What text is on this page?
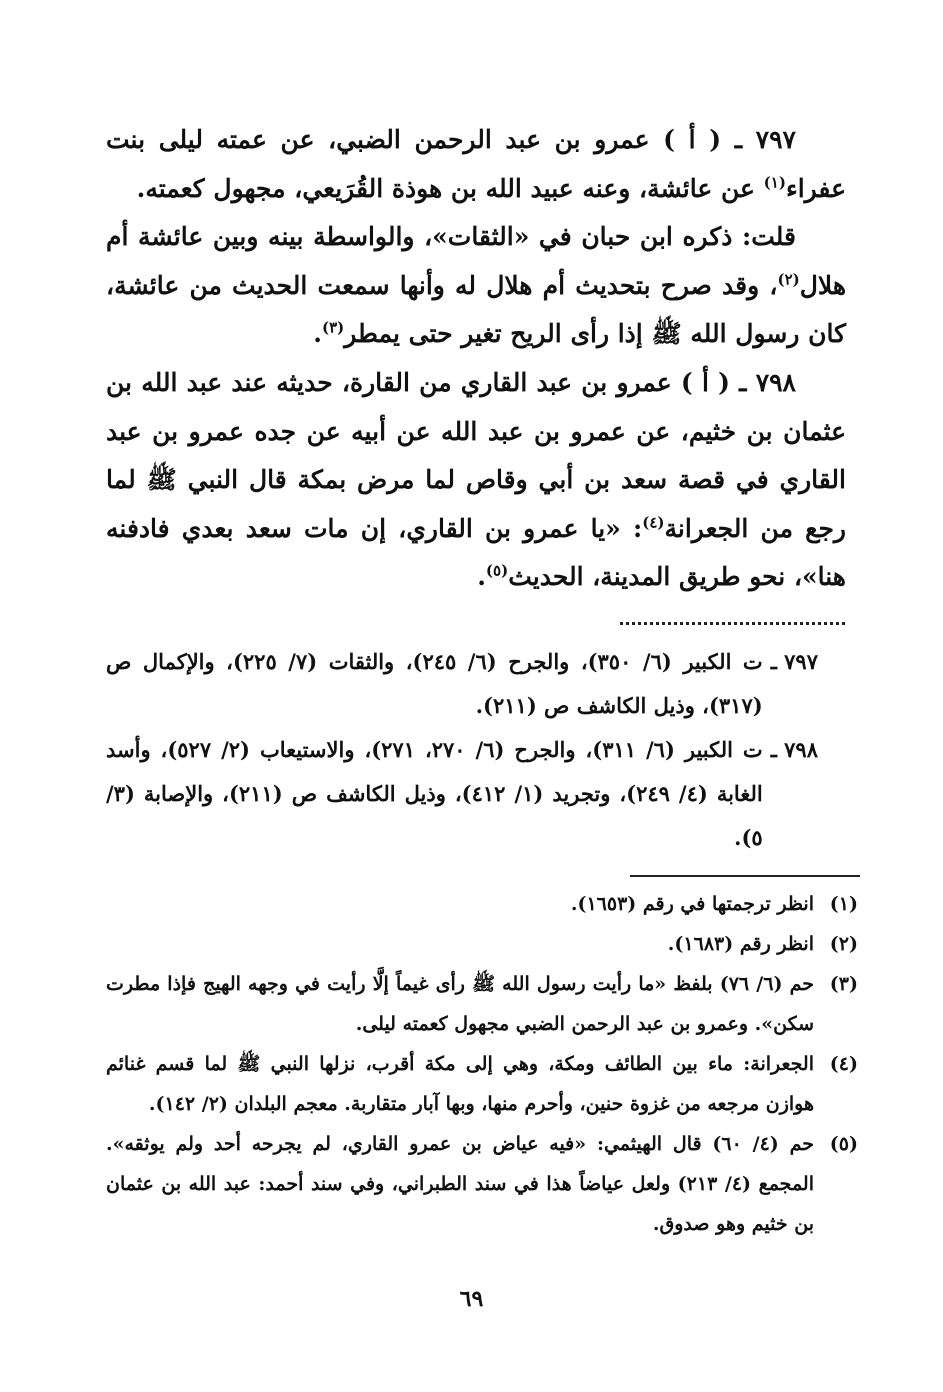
٧٩٧ ـ ( أ ) عمرو بن عبد الرحمن الضبي، عن عمته ليلى بنت عفراء$^{(١)}$ عن عائشة، وعنه عبيد الله بن هوذة القُرَيعي، مجهول كعمته.

قلت: ذكره ابن حبان في «الثقات»، والواسطة بينه وبين عائشة أم هلال$^{(٢)}$، وقد صرح بتحديث أم هلال له وأنها سمعت الحديث من عائشة، كان رسول الله ﷺ إذا رأى الريح تغير حتى يمطر$^{(٣)}$.

٧٩٨ ـ ( أ ) عمرو بن عبد القاري من القارة، حديثه عند عبد الله بن عثمان بن خثيم، عن عمرو بن عبد الله عن أبيه عن جده عمرو بن عبد القاري في قصة سعد بن أبي وقاص لما مرض بمكة قال النبي ﷺ لما رجع من الجعرانة$^{(٤)}$: «يا عمرو بن القاري، إن مات سعد بعدي فادفنه هنا»، نحو طريق المدينة، الحديث$^{(٥)}$.

٧٩٧ ـ
ت الكبير (٦/ ٣٥٠)، والجرح (٦/ ٢٤٥)، والثقات (٧/ ٢٢٥)، والإكمال ص (٣١٧)، وذيل الكاشف ص (٢١١).
٧٩٨ ـ
ت الكبير (٦/ ٣١١)، والجرح (٦/ ٢٧٠، ٢٧١)، والاستيعاب (٢/ ٥٢٧)، وأسد الغابة (٤/ ٢٤٩)، وتجريد (١/ ٤١٢)، وذيل الكاشف ص (٢١١)، والإصابة (٣/ ٥).
(١)
انظر ترجمتها في رقم (١٦٥٣).
(٢)
انظر رقم (١٦٨٣).
(٣)
حم (٦/ ٧٦) بلفظ «ما رأيت رسول الله ﷺ رأى غيماً إلَّا رأيت في وجهه الهيج فإذا مطرت سكن». وعمرو بن عبد الرحمن الضبي مجهول كعمته ليلى.
(٤)
الجعرانة: ماء بين الطائف ومكة، وهي إلى مكة أقرب، نزلها النبي ﷺ لما قسم غنائم هوازن مرجعه من غزوة حنين، وأحرم منها، وبها آبار متقاربة. معجم البلدان (٢/ ١٤٢).
(٥)
حم (٤/ ٦٠) قال الهيثمي: «فيه عياض بن عمرو القاري، لم يجرحه أحد ولم يوثقه». المجمع (٤/ ٢١٣) ولعل عياضاً هذا في سند الطبراني، وفي سند أحمد: عبد الله بن عثمان بن خثيم وهو صدوق.
٦٩
